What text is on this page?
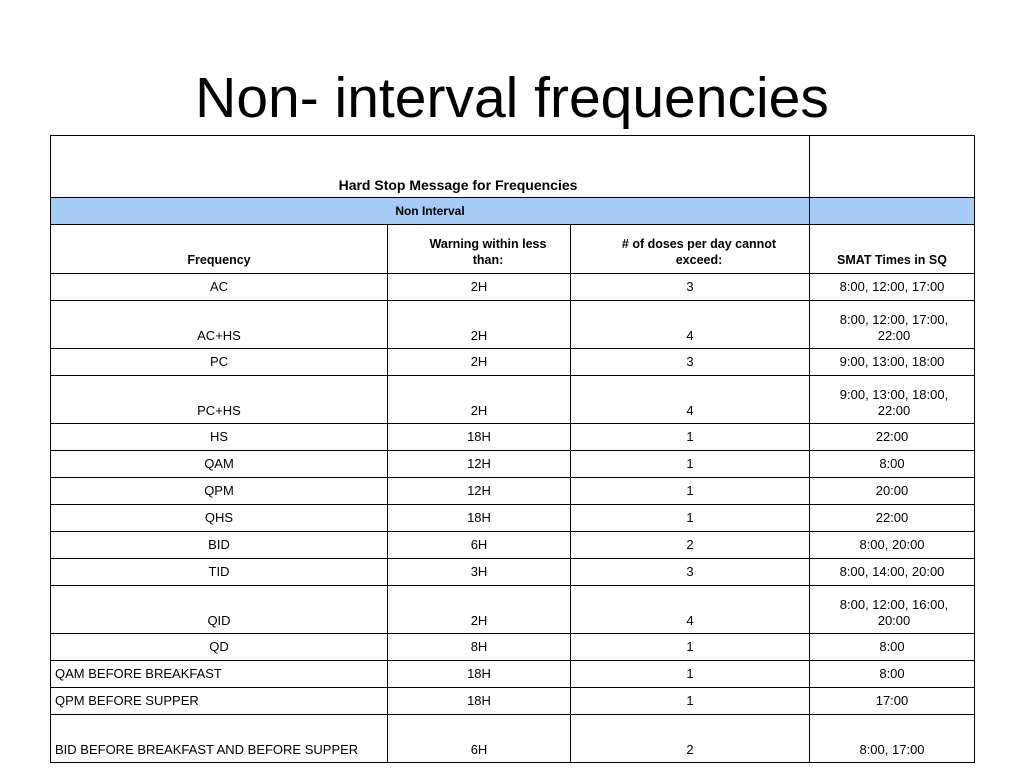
Non- interval frequencies
Hard Stop Message for Frequencies			
Non Interval			
Frequency	Warning within less than:	# of doses per day cannot exceed:	SMAT Times in SQ
AC	2H	3	8:00, 12:00, 17:00
AC+HS	2H	4	8:00, 12:00, 17:00, 22:00
PC	2H	3	9:00, 13:00, 18:00
PC+HS	2H	4	9:00, 13:00, 18:00, 22:00
HS	18H	1	22:00
QAM	12H	1	8:00
QPM	12H	1	20:00
QHS	18H	1	22:00
BID	6H	2	8:00, 20:00
TID	3H	3	8:00, 14:00, 20:00
QID	2H	4	8:00, 12:00, 16:00, 20:00
QD	8H	1	8:00
QAM BEFORE BREAKFAST	18H	1	8:00
QPM BEFORE SUPPER	18H	1	17:00
BID BEFORE BREAKFAST AND BEFORE SUPPER	6H	2	8:00, 17:00
